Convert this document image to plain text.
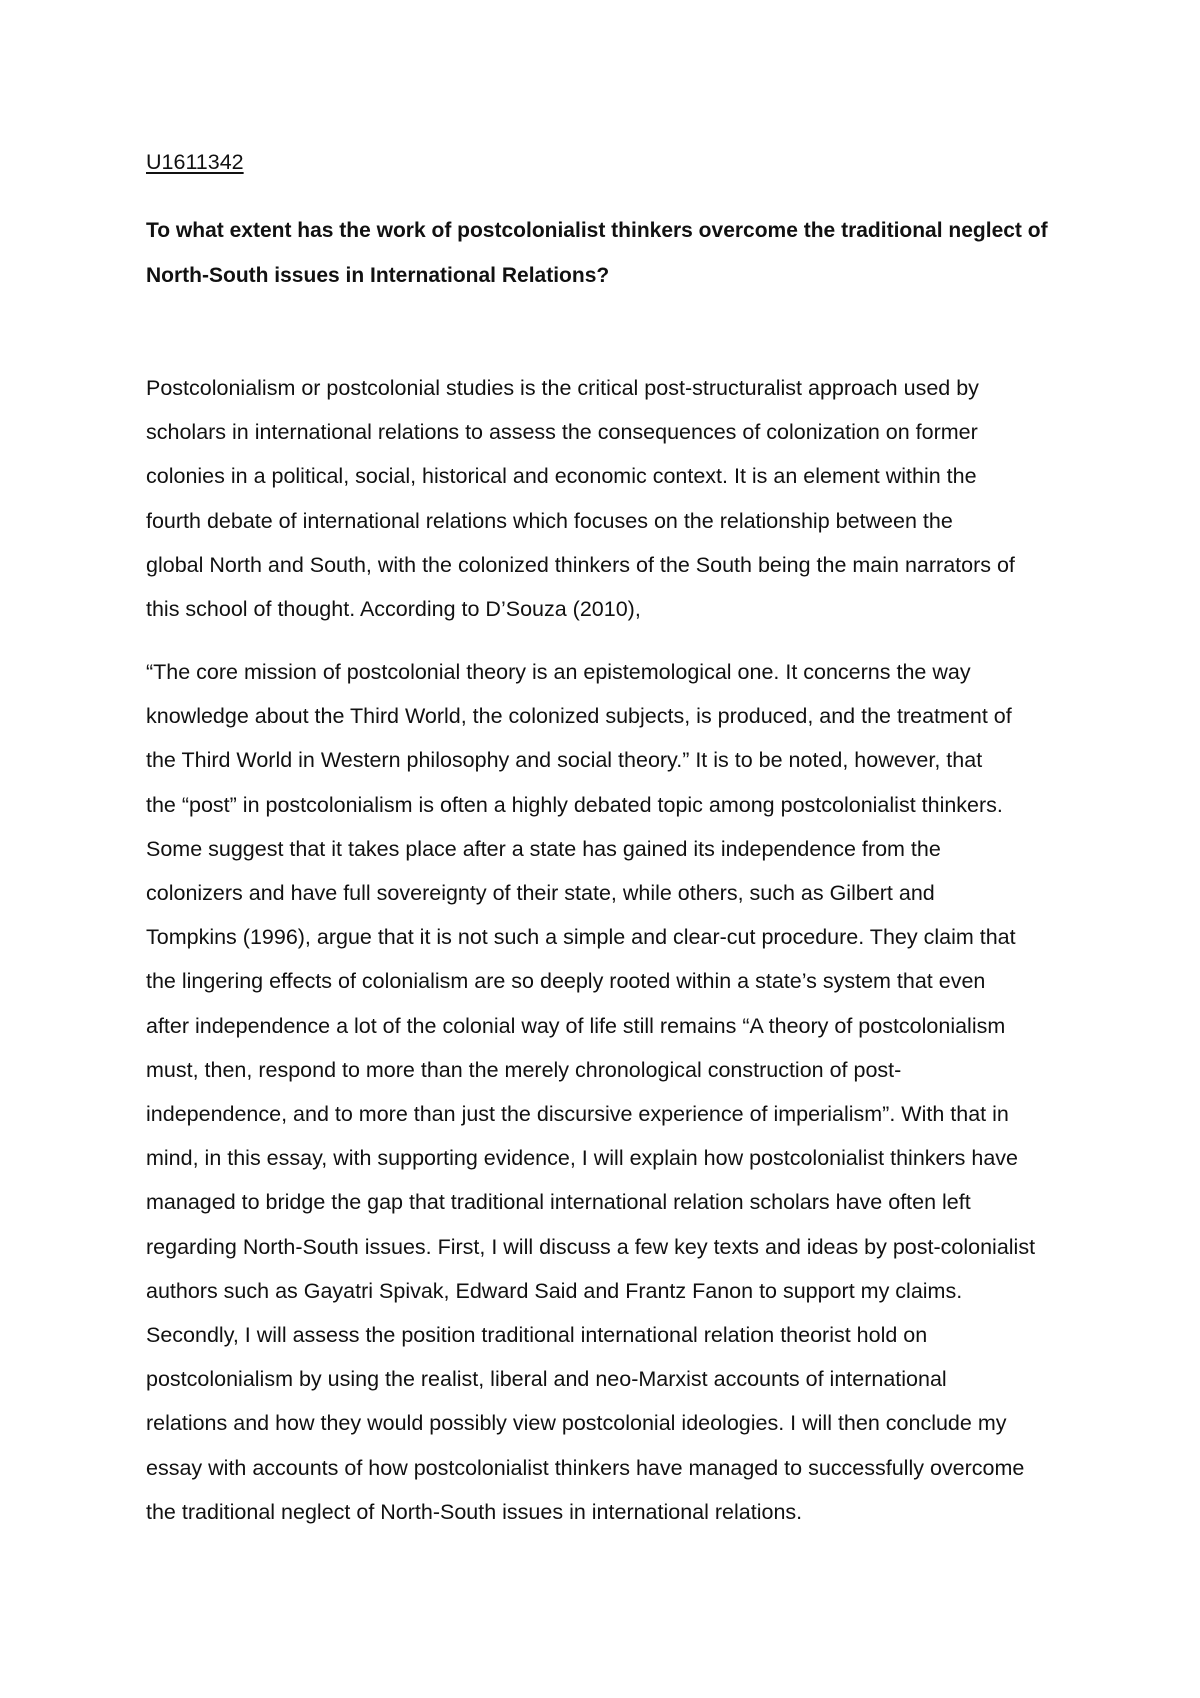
U1611342
To what extent has the work of postcolonialist thinkers overcome the traditional neglect of
North-South issues in International Relations?
Postcolonialism or postcolonial studies is the critical post-structuralist approach used by
scholars in international relations to assess the consequences of colonization on former
colonies in a political, social, historical and economic context. It is an element within the
fourth debate of international relations which focuses on the relationship between the
global North and South, with the colonized thinkers of the South being the main narrators of
this school of thought. According to D’Souza (2010),
“The core mission of postcolonial theory is an epistemological one. It concerns the way
knowledge about the Third World, the colonized subjects, is produced, and the treatment of
the Third World in Western philosophy and social theory.” It is to be noted, however, that
the “post” in postcolonialism is often a highly debated topic among postcolonialist thinkers.
Some suggest that it takes place after a state has gained its independence from the
colonizers and have full sovereignty of their state, while others, such as Gilbert and
Tompkins (1996), argue that it is not such a simple and clear-cut procedure. They claim that
the lingering effects of colonialism are so deeply rooted within a state’s system that even
after independence a lot of the colonial way of life still remains “A theory of postcolonialism
must, then, respond to more than the merely chronological construction of post-
independence, and to more than just the discursive experience of imperialism”. With that in
mind, in this essay, with supporting evidence, I will explain how postcolonialist thinkers have
managed to bridge the gap that traditional international relation scholars have often left
regarding North-South issues. First, I will discuss a few key texts and ideas by post-colonialist
authors such as Gayatri Spivak, Edward Said and Frantz Fanon to support my claims.
Secondly, I will assess the position traditional international relation theorist hold on
postcolonialism by using the realist, liberal and neo-Marxist accounts of international
relations and how they would possibly view postcolonial ideologies. I will then conclude my
essay with accounts of how postcolonialist thinkers have managed to successfully overcome
the traditional neglect of North-South issues in international relations.
